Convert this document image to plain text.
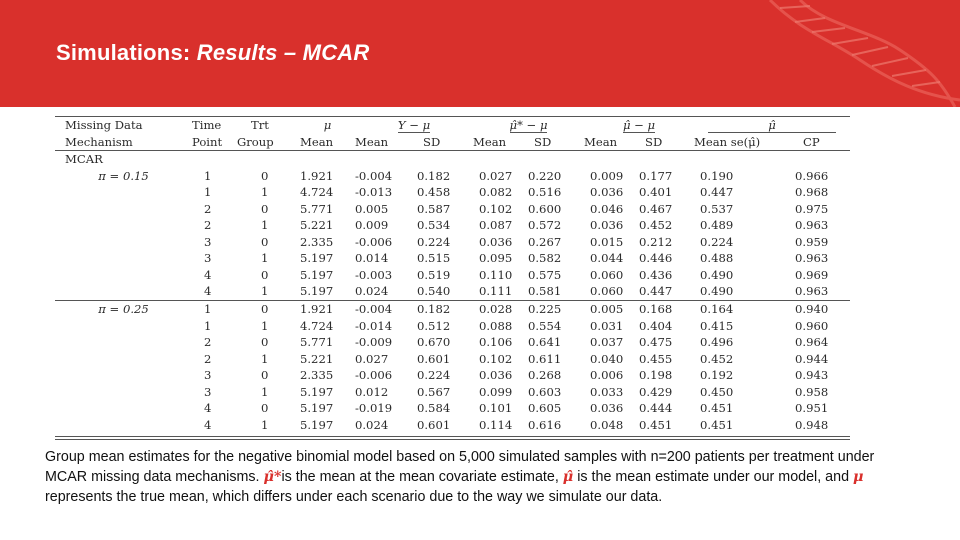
Simulations: Results – MCAR
Missing Data	Time	Trt	μ	Y − μ		μ̂* − μ		μ̂ − μ		μ̂	
Mechanism	Point	Group	Mean	Mean	SD	Mean	SD	Mean	SD	Mean se(μ̂)	CP
MCAR											
π = 0.15	1	0	1.921	-0.004	0.182	0.027	0.220	0.009	0.177	0.190	0.966
	1	1	4.724	-0.013	0.458	0.082	0.516	0.036	0.401	0.447	0.968
	2	0	5.771	0.005	0.587	0.102	0.600	0.046	0.467	0.537	0.975
	2	1	5.221	0.009	0.534	0.087	0.572	0.036	0.452	0.489	0.963
	3	0	2.335	-0.006	0.224	0.036	0.267	0.015	0.212	0.224	0.959
	3	1	5.197	0.014	0.515	0.095	0.582	0.044	0.446	0.488	0.963
	4	0	5.197	-0.003	0.519	0.110	0.575	0.060	0.436	0.490	0.969
	4	1	5.197	0.024	0.540	0.111	0.581	0.060	0.447	0.490	0.963
π = 0.25	1	0	1.921	-0.004	0.182	0.028	0.225	0.005	0.168	0.164	0.940
	1	1	4.724	-0.014	0.512	0.088	0.554	0.031	0.404	0.415	0.960
	2	0	5.771	-0.009	0.670	0.106	0.641	0.037	0.475	0.496	0.964
	2	1	5.221	0.027	0.601	0.102	0.611	0.040	0.455	0.452	0.944
	3	0	2.335	-0.006	0.224	0.036	0.268	0.006	0.198	0.192	0.943
	3	1	5.197	0.012	0.567	0.099	0.603	0.033	0.429	0.450	0.958
	4	0	5.197	-0.019	0.584	0.101	0.605	0.036	0.444	0.451	0.951
	4	1	5.197	0.024	0.601	0.114	0.616	0.048	0.451	0.451	0.948
Group mean estimates for the negative binomial model based on 5,000 simulated samples with n=200 patients per treatment under MCAR missing data mechanisms. μ̂*is the mean at the mean covariate estimate, μ̂ is the mean estimate under our model, and μ represents the true mean, which differs under each scenario due to the way we simulate our data.
